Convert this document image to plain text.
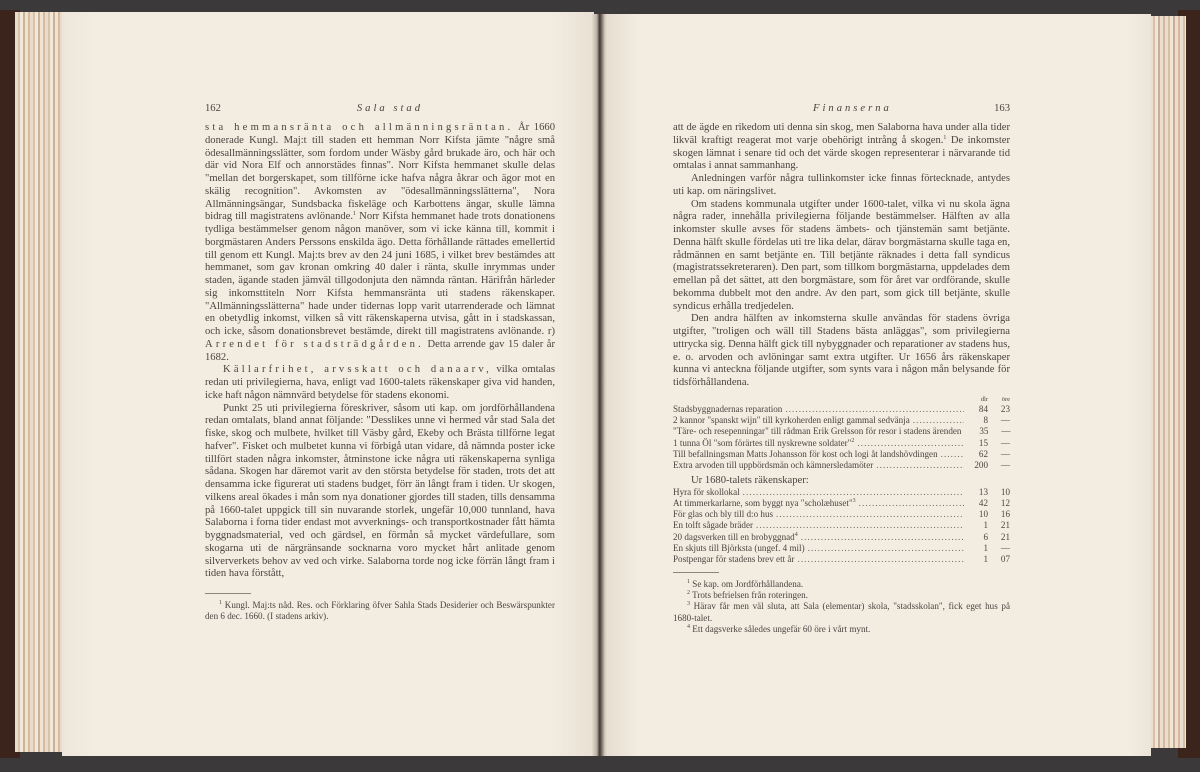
162	Sala stad

sta hemmansränta och allmänningsräntan. År 1660 donerade Kungl. Maj:t till staden ett hemman Norr Kifsta jämte "någre små ödesallmänningsslätter, som fordom under Wäsby gård brukade äro, och här och där vid Nora Elf och annorstädes finnas". Norr Kifsta hemmanet skulle delas "mellan det borgerskapet, som tillförne icke hafva några åkrar och ägor mot en skälig recognition". Avkomsten av "ödesallmänningsslätterna", Nora Allmänningsängar, Sundsbacka fiskeläge och Karbottens ängar, skulle lämna bidrag till magistratens avlönande.$^1$ Norr Kifsta hemmanet hade trots donationens tydliga bestämmelser genom någon manöver, som vi icke känna till, kommit i borgmästaren Anders Perssons enskilda ägo. Detta förhållande rättades emellertid till genom ett Kungl. Maj:ts brev av den 24 juni 1685, i vilket brev bestämdes att hemmanet, som gav kronan omkring 40 daler i ränta, skulle inrymmas under staden, ägande staden jämväl tillgodonjuta den nämnda räntan. Härifrån härleder sig inkomsttiteln Norr Kifsta hemmansränta uti stadens räkenskaper. "Allmänningsslätterna" hade under tidernas lopp varit utarrenderade och lämnat en obetydlig inkomst, vilken så vitt räkenskaperna utvisa, gått in i stadskassan, och icke, såsom donationsbrevet bestämde, direkt till magistratens avlönande. r) Arrendet för stadsträdgården. Detta arrende gav 15 daler år 1682.

Källarfrihet, arvsskatt och danaarv, vilka omtalas redan uti privilegierna, hava, enligt vad 1600-talets räkenskaper giva vid handen, icke haft någon nämnvärd betydelse för stadens ekonomi.

Punkt 25 uti privilegierna föreskriver, såsom uti kap. om jordförhållandena redan omtalats, bland annat följande: "Desslikes unne vi hermed vår stad Sala det fiske, skog och mulbete, hvilket till Väsby gård, Ekeby och Brästa tillförne legat hafver". Fisket och mulbetet kunna vi förbigå utan vidare, då nämnda poster icke tillfört staden några inkomster, åtminstone icke några uti räkenskaperna synliga sådana. Skogen har däremot varit av den största betydelse för staden, trots det att densamma icke figurerat uti stadens budget, förr än långt fram i tiden. Ur skogen, vilkens areal ökades i mån som nya donationer gjordes till staden, tills densamma på 1660-talet uppgick till sin nuvarande storlek, ungefär 10,000 tunnland, hava Salaborna i forna tider endast mot avverknings- och transportkostnader fått hämta byggnadsmaterial, ved och gärdsel, en förmån så mycket värdefullare, som skogarna uti de närgränsande socknarna voro mycket hårt anlitade genom silververkets behov av ved och virke. Salaborna torde nog icke förrän långt fram i tiden hava förstått,

$^1$ Kungl. Maj:ts nåd. Res. och Förklaring öfver Sahla Stads Desiderier och Beswärspunkter den 6 dec. 1660. (I stadens arkiv).

Finanserna	163

att de ägde en rikedom uti denna sin skog, men Salaborna hava under alla tider likväl kraftigt reagerat mot varje obehörigt intrång å skogen.$^1$ De inkomster skogen lämnat i senare tid och det värde skogen representerar i närvarande tid omtalas i annat sammanhang.

Anledningen varför några tullinkomster icke finnas förtecknade, antydes uti kap. om näringslivet.

Om stadens kommunala utgifter under 1600-talet, vilka vi nu skola ägna några rader, innehålla privilegierna följande bestämmelser. Hälften av alla inkomster skulle avses för stadens ämbets- och tjänstemän samt betjänte. Denna hälft skulle fördelas uti tre lika delar, därav borgmästarna skulle taga en, rådmännen en samt betjänte en. Till betjänte räknades i detta fall syndicus (magistratssekreteraren). Den part, som tillkom borgmästarna, uppdelades dem emellan på det sättet, att den borgmästare, som för året var ordförande, skulle bekomma dubbelt mot den andre. Av den part, som gick till betjänte, skulle syndicus erhålla tredjedelen.

Den andra hälften av inkomsterna skulle användas för stadens övriga utgifter, "troligen och wäll till Stadens bästa anläggas", som privilegierna uttrycka sig. Denna hälft gick till nybyggnader och reparationer av stadens hus, e. o. arvoden och avlöningar samt extra utgifter. Ur 1656 års räkenskaper kunna vi anteckna följande utgifter, som synts vara i någon mån belysande för tidsförhållandena.

dlr	öre
Stadsbyggnadernas reparation . . .	84	23
2 kannor "spanskt wijn" till kyrkoherden enligt gammal sedvänja . . .	8	—
"Täre- och resepenningar" till rådman Erik Grelsson för resor i stadens ärenden	35	—
1 tunna Öl "som förärtes till nyskrewne soldater"$^2$ . . .	15	—
Till befallningsman Matts Johansson för kost och logi åt landshövdingen . . .	62	—
Extra arvoden till uppbördsmän och kämnersledamöter . . .	200	—
Ur 1680-talets räkenskaper:
Hyra för skollokal . . .	13	10
At timmerkarlarne, som byggt nya "scholæhuset"$^3$ . . .	42	12
För glas och bly till d:o hus . . .	10	16
En tolft sågade bräder . . .	1	21
20 dagsverken till en brobyggnad$^4$ . . .	6	21
En skjuts till Björksta (ungef. 4 mil) . . .	1	—
Postpengar för stadens brev ett år . . .	1	07

$^1$ Se kap. om Jordförhållandena.

$^2$ Trots befrielsen från roteringen.

$^3$ Härav får men väl sluta, att Sala (elementar) skola, "stadsskolan", fick eget hus på 1680-talet.

$^4$ Ett dagsverke således ungefär 60 öre i vårt mynt.
